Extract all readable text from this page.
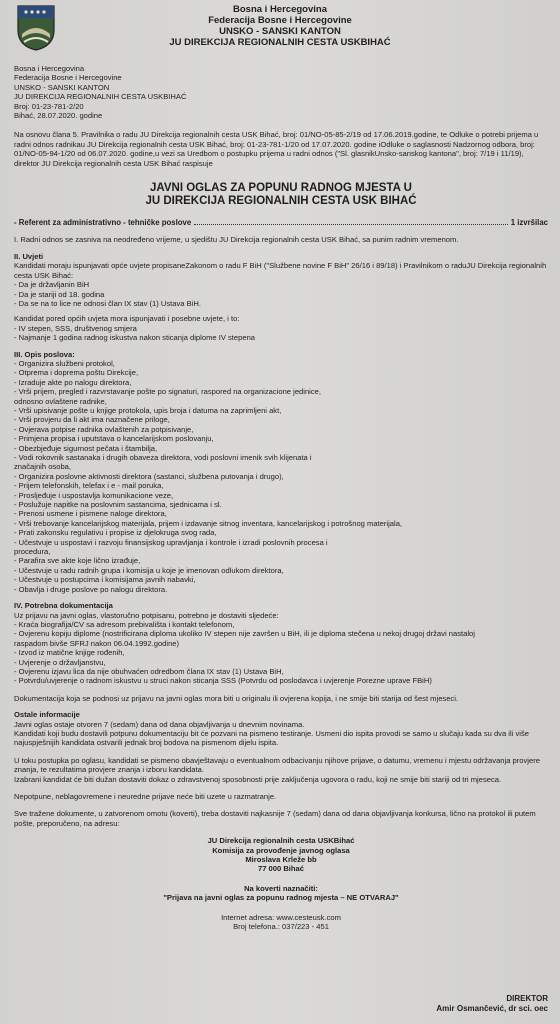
Bosna i Hercegovina
Federacija Bosne i Hercegovine
UNSKO - SANSKI KANTON
JU DIREKCIJA REGIONALNIH CESTA USKBIHAĆ
Bosna i Hercegovina
Federacija Bosne i Hercegovine
UNSKO - SANSKI KANTON
JU DIREKCIJA REGIONALNIH CESTA USKBIHAĆ
Broj: 01-23-781-2/20
Bihać, 28.07.2020. godine

Na osnovu člana 5. Pravilnika o radu JU Direkcija regionalnih cesta USK Bihać, broj: 01/NO-05-85-2/19 od 17.06.2019.godine, te Odluke o potrebi prijema u radni odnos radnikau JU Direkcija regionalnih cesta USK Bihać, broj: 01-23-781-1/20 od 17.07.2020. godine iOdluke o saglasnosti Nadzornog odbora, broj: 01/NO-05-94-1/20 od 06.07.2020. godine,u vezi sa Uredbom o postupku prijema u radni odnos ("Sl. glasnikUnsko-sanskog kantona", broj: 7/19 i 11/19), direktor JU Direkcija regionalnih cesta USK Bihać raspisuje

JAVNI OGLAS ZA POPUNU RADNOG MJESTA U
JU DIREKCIJA REGIONALNIH CESTA USK BIHAĆ
- Referent za administrativno - tehničke poslove	1 izvršilac

I. Radni odnos se zasniva na neodređeno vrijeme, u sjedištu JU Direkcija regionalnih cesta USK Bihać, sa punim radnim vremenom.

II. Uvjeti

Kandidati moraju ispunjavati opće uvjete propisaneZakonom o radu F BiH ("Službene novine F BiH" 26/16 i 89/18) i Pravilnikom o raduJU Direkcija regionalnih cesta USK Bihać:

- Da je državljanin BiH
- Da je stariji od 18. godina
- Da se na to lice ne odnosi član IX stav (1) Ustava BiH.

Kandidat pored općih uvjeta mora ispunjavati i posebne uvjete, i to:

- IV stepen, SSS, društvenog smjera
- Najmanje 1 godina radnog iskustva nakon sticanja diplome IV stepena
III. Opis poslova:
- Organizira službeni protokol,
- Otprema i doprema poštu Direkcije,
- Izraduje akte po nalogu direktora,
- Vrši prijem, pregled i razvrstavanje pošte po signaturi, raspored na organizacione jedinice,
odnosno ovlaštene radnike,
- Vrši upisivanje pošte u knjige protokola, upis broja i datuma na zaprimljeni akt,
- Vrši provjeru da li akt ima naznačene priloge,
- Ovjerava potpise radnika ovlaštenih za potpisivanje,
- Primjena propisa i uputstava o kancelarijskom poslovanju,
- Obezbjeđuje sigurnost pečata i štambilja,
- Vodi rokovnik sastanaka i drugih obaveza direktora, vodi poslovni imenik svih klijenata i
značajnih osoba,
- Organizira poslovne aktivnosti direktora (sastanci, službena putovanja i drugo),
- Prijem telefonskih, telefax i e - mail poruka,
- Prosljeđuje i uspostavlja komunikacione veze,
- Poslužuje napitke na poslovnim sastancima, sjednicama i sl.
- Prenosi usmene i pismene naloge direktora,
- Vrši trebovanje kancelarijskog materijala, prijem i izdavanje sitnog inventara, kancelarijskog i potrošnog materijala,
- Prati zakonsku regulativu i propise iz djelokruga svog rada,
- Učestvuje u uspostavi i razvoju finansijskog upravljanja i kontrole i izradi poslovnih procesa i
procedura,
- Parafira sve akte koje lično izrađuje,
- Učestvuje u radu radnih grupa i komisija u koje je imenovan odlukom direktora,
- Učestvuje u postupcima i komisijama javnih nabavki,
- Obavlja i druge poslove po nalogu direktora.
IV. Potrebna dokumentacija

Uz prijavu na javni oglas, vlastoručno potpisanu, potrebno je dostaviti sljedeće:

- Kraća biografija/CV sa adresom prebivališta i kontakt telefonom,
- Ovjerenu kopiju diplome (nostrificirana diploma ukoliko IV stepen nije završen u BiH, ili je diploma stečena u nekoj drugoj državi nastaloj
raspadom bivše SFRJ nakon 06.04.1992.godine)
- Izvod iz matične knjige rođenih,
- Uvjerenje o državljanstvu,
- Ovjerenu izjavu lica da nije obuhvaćen odredbom člana IX stav (1) Ustava BiH,
- Potvrdu/uvjerenje o radnom iskustvu u struci nakon sticanja SSS (Potvrdu od poslodavca i uvjerenje Porezne uprave FBiH)

Dokumentacija koja se podnosi uz prijavu na javni oglas mora biti u originalu ili ovjerena kopija, i ne smije biti starija od šest mjeseci.

Ostale informacije

Javni oglas ostaje otvoren 7 (sedam) dana od dana objavljivanja u dnevnim novinama.

Kandidati koji budu dostavili potpunu dokumentaciju bit će pozvani na pismeno testiranje. Usmeni dio ispita provodi se samo u slučaju kada su dva ili više najuspješnijih kandidata ostvarili jednak broj bodova na pismenom dijelu ispita.

U toku postupka po oglasu, kandidati se pismeno obavještavaju o eventualnom odbacivanju njihove prijave, o datumu, vremenu i mjestu održavanja provjere znanja, te rezultatima provjere znanja i izboru kandidata.

Izabrani kandidat će biti dužan dostaviti dokaz o zdravstvenoj sposobnosti prije zaključenja ugovora o radu, koji ne smije biti stariji od tri mjeseca.

Nepotpune, neblagovremene i neuredne prijave neće biti uzete u razmatranje.

Sve tražene dokumente, u zatvorenom omotu (koverti), treba dostaviti najkasnije 7 (sedam) dana od dana objavljivanja konkursa, lično na protokol ili putem pošte, preporučeno, na adresu:

JU Direkcija regionalnih cesta USKBihać
Komisija za provođenje javnog oglasa
Miroslava Krleže bb
77 000 Bihać
Na koverti naznačiti:
"Prijava na javni oglas za popunu radnog mjesta – NE OTVARAJ"
Internet adresa: www.cesteusk.com
Broj telefona.: 037/223 - 451
DIREKTOR
Amir Osmančević, dr sci. oec
